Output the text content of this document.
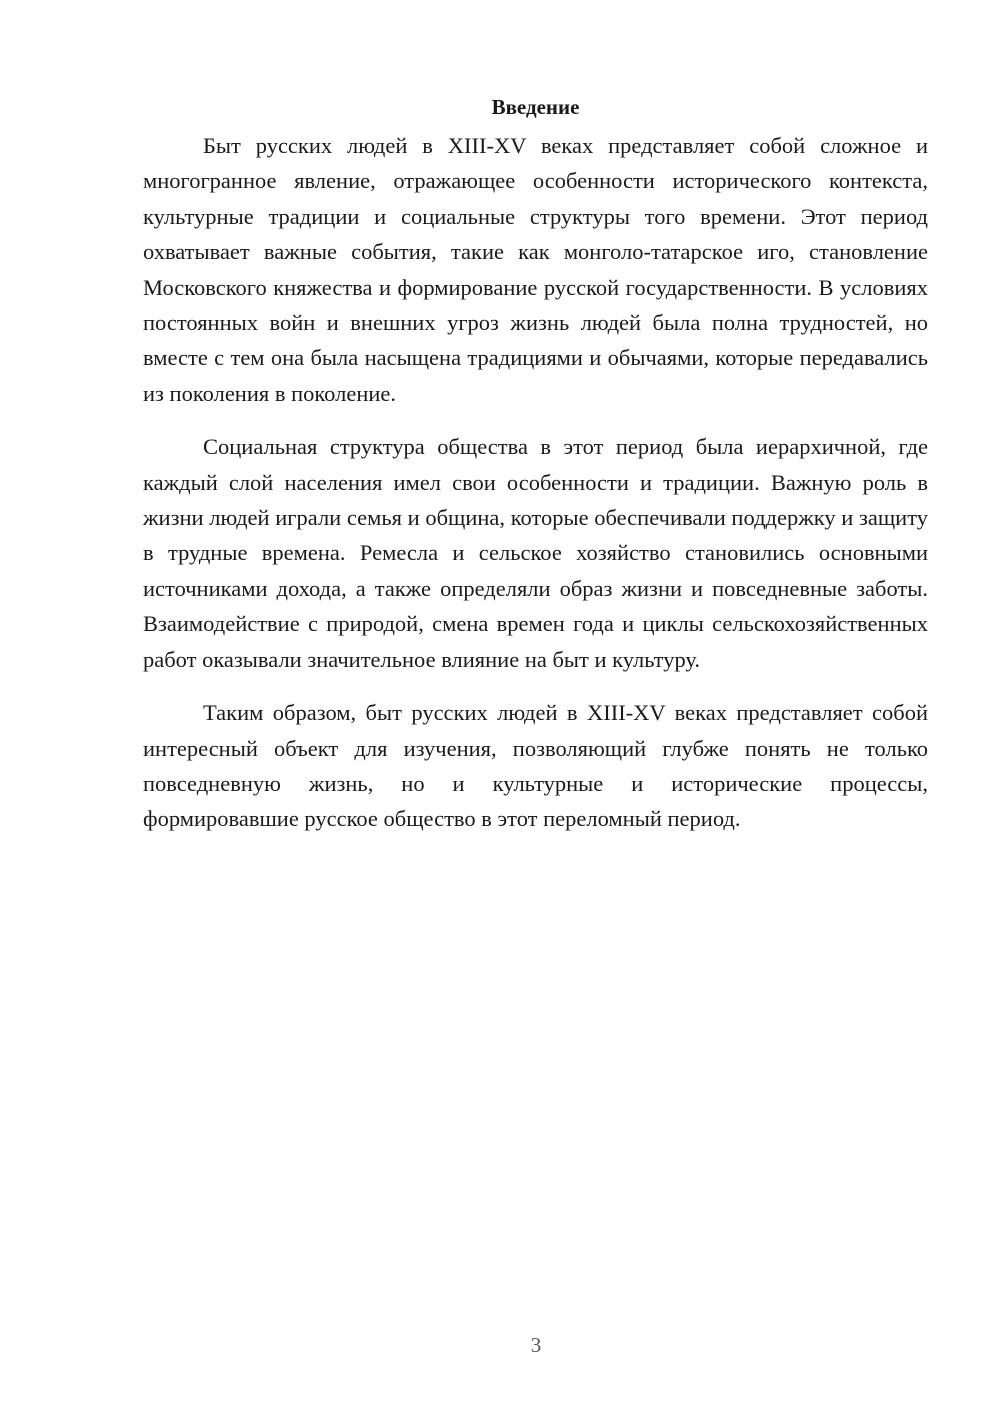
Введение

Быт русских людей в XIII-XV веках представляет собой сложное и многогранное явление, отражающее особенности исторического контекста, культурные традиции и социальные структуры того времени. Этот период охватывает важные события, такие как монголо-татарское иго, становление Московского княжества и формирование русской государственности. В условиях постоянных войн и внешних угроз жизнь людей была полна трудностей, но вместе с тем она была насыщена традициями и обычаями, которые передавались из поколения в поколение.

Социальная структура общества в этот период была иерархичной, где каждый слой населения имел свои особенности и традиции. Важную роль в жизни людей играли семья и община, которые обеспечивали поддержку и защиту в трудные времена. Ремесла и сельское хозяйство становились основными источниками дохода, а также определяли образ жизни и повседневные заботы. Взаимодействие с природой, смена времен года и циклы сельскохозяйственных работ оказывали значительное влияние на быт и культуру.

Таким образом, быт русских людей в XIII-XV веках представляет собой интересный объект для изучения, позволяющий глубже понять не только повседневную жизнь, но и культурные и исторические процессы, формировавшие русское общество в этот переломный период.

3
